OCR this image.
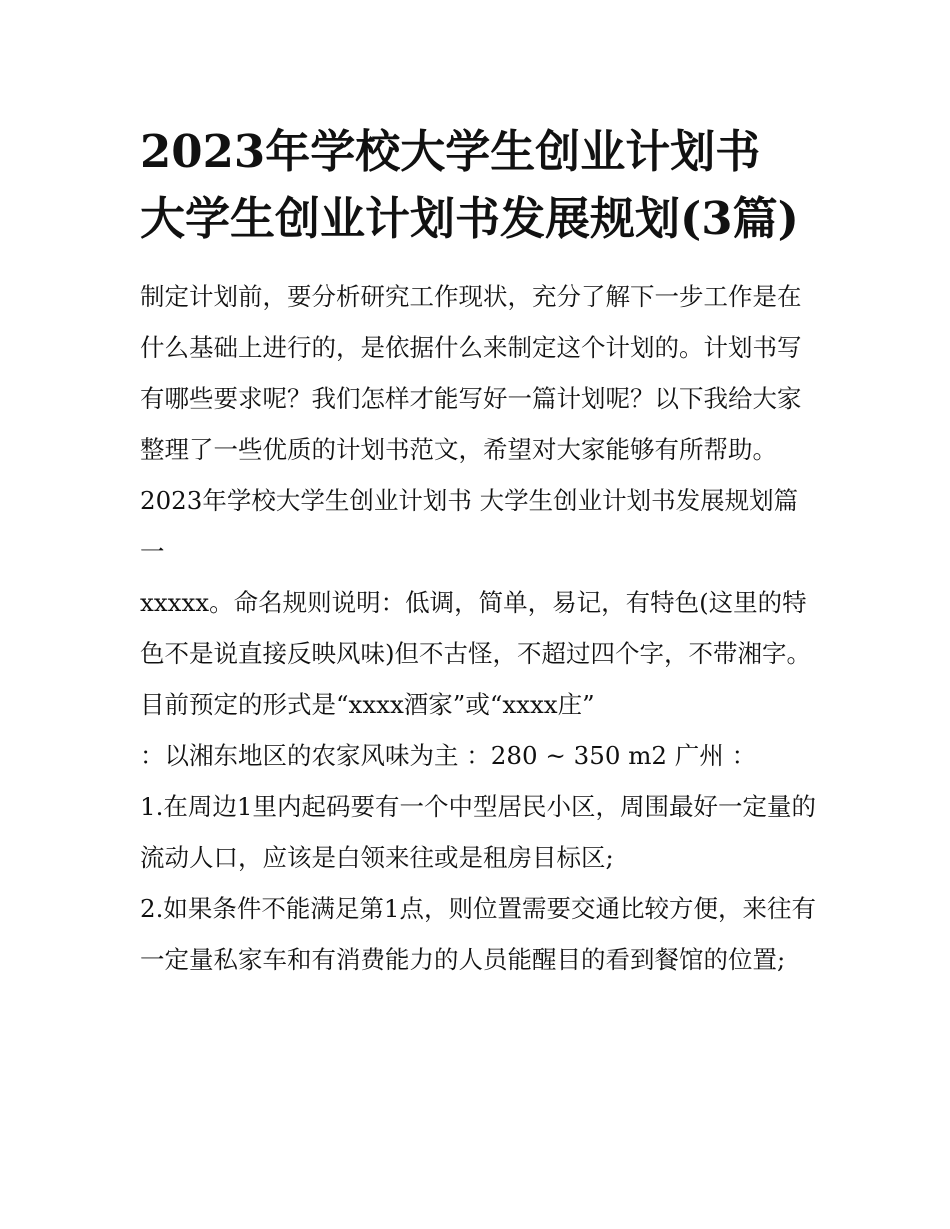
2023年学校大学生创业计划书 大学生创业计划书发展规划(3篇)

制定计划前，要分析研究工作现状，充分了解下一步工作是在什么基础上进行的，是依据什么来制定这个计划的。计划书写有哪些要求呢？我们怎样才能写好一篇计划呢？以下我给大家整理了一些优质的计划书范文，希望对大家能够有所帮助。

2023年学校大学生创业计划书 大学生创业计划书发展规划篇一

xxxxx。命名规则说明：低调，简单，易记，有特色(这里的特色不是说直接反映风味)但不古怪，不超过四个字，不带湘字。目前预定的形式是“xxxx酒家”或“xxxx庄”

：以湘东地区的农家风味为主 ：280 ~ 350 m2 广州 ：

1.在周边1里内起码要有一个中型居民小区，周围最好一定量的流动人口，应该是白领来往或是租房目标区;

2.如果条件不能满足第1点，则位置需要交通比较方便，来往有一定量私家车和有消费能力的人员能醒目的看到餐馆的位置;
